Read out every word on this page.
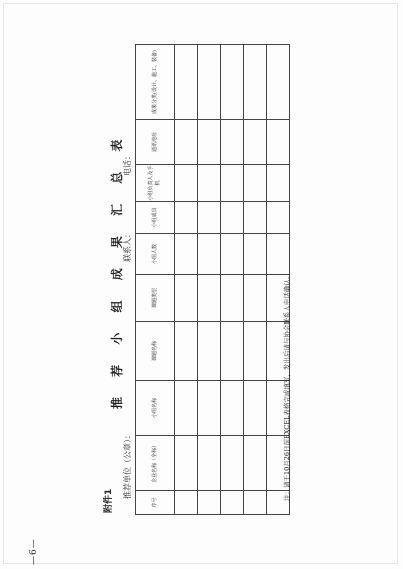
—6—
附件1
推 荐 小 组 成 果 汇 总 表
推荐单位（公章）：
联系人：
电话：
序号	企业名称（全称）	小组名称	课题名称	课题类型	小组人数	小组成员	小组负责人及手机	通讯地址	成果分类(设计、施工、装备)

注：请于10月26日前EXCEL表格完成填写，发出后请与协会联系人电话确认。
